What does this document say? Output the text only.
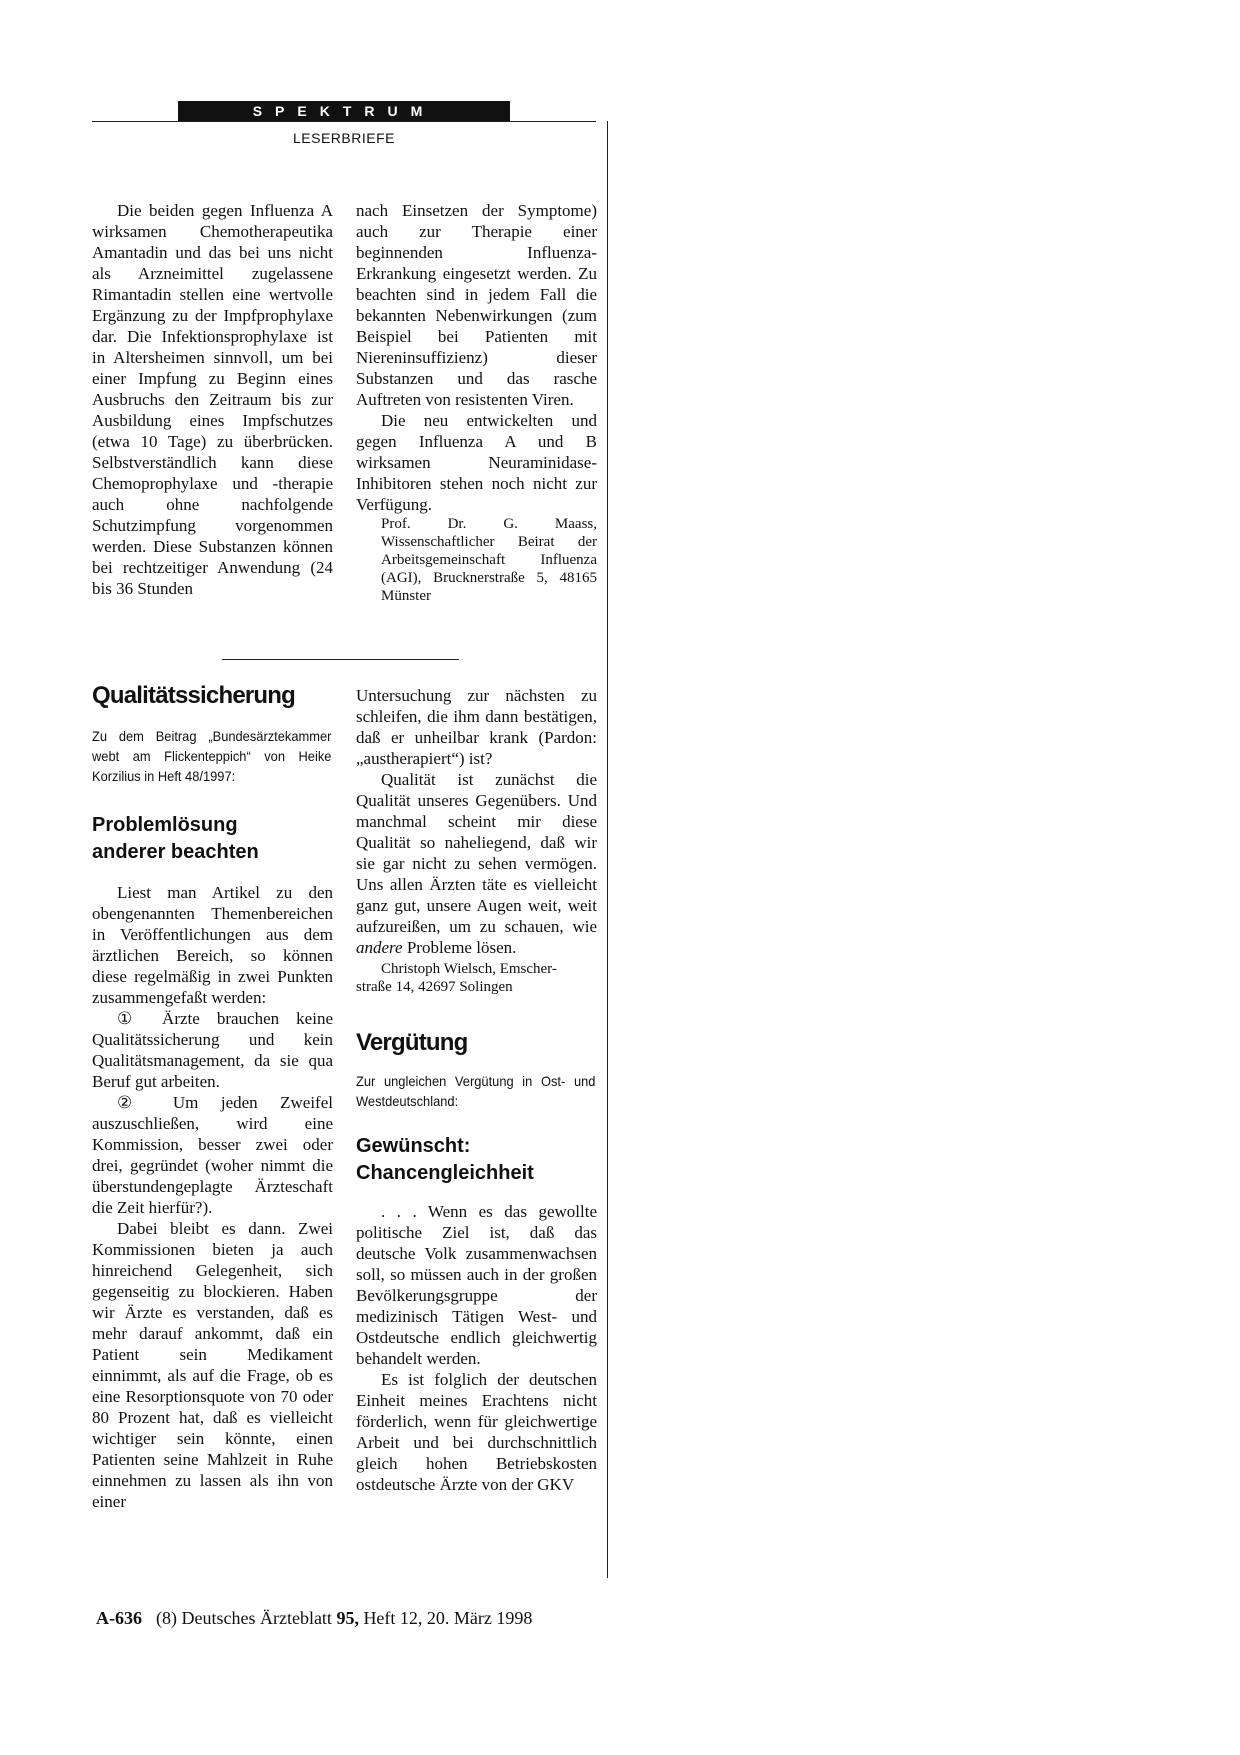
SPEKTRUM
LESERBRIEFE

Die beiden gegen Influenza A wirksamen Chemotherapeutika Amantadin und das bei uns nicht als Arzneimittel zugelassene Rimantadin stellen eine wertvolle Ergänzung zu der Impfprophylaxe dar. Die Infektionsprophylaxe ist in Altersheimen sinnvoll, um bei einer Impfung zu Beginn eines Ausbruchs den Zeitraum bis zur Ausbildung eines Impfschutzes (etwa 10 Tage) zu überbrücken. Selbstverständlich kann diese Chemoprophylaxe und -therapie auch ohne nachfolgende Schutzimpfung vorgenommen werden. Diese Substanzen können bei rechtzeitiger Anwendung (24 bis 36 Stunden

nach Einsetzen der Symptome) auch zur Therapie einer beginnenden Influenza-Erkrankung eingesetzt werden. Zu beachten sind in jedem Fall die bekannten Nebenwirkungen (zum Beispiel bei Patienten mit Niereninsuffizienz) dieser Substanzen und das rasche Auftreten von resistenten Viren.

Die neu entwickelten und gegen Influenza A und B wirksamen Neuraminidase-Inhibitoren stehen noch nicht zur Verfügung.

Prof. Dr. G. Maass, Wissenschaftlicher Beirat der Arbeitsgemeinschaft Influenza (AGI), Brucknerstraße 5, 48165 Münster

Qualitätssicherung

Zu dem Beitrag „Bundesärztekammer webt am Flickenteppich“ von Heike Korzilius in Heft 48/1997:

Problemlösung
anderer beachten

Liest man Artikel zu den obengenannten Themenbereichen in Veröffentlichungen aus dem ärztlichen Bereich, so können diese regelmäßig in zwei Punkten zusammengefaßt werden:

① Ärzte brauchen keine Qualitätssicherung und kein Qualitätsmanagement, da sie qua Beruf gut arbeiten.

② Um jeden Zweifel auszuschließen, wird eine Kommission, besser zwei oder drei, gegründet (woher nimmt die überstundengeplagte Ärzteschaft die Zeit hierfür?).

Dabei bleibt es dann. Zwei Kommissionen bieten ja auch hinreichend Gelegenheit, sich gegenseitig zu blockieren. Haben wir Ärzte es verstanden, daß es mehr darauf ankommt, daß ein Patient sein Medikament einnimmt, als auf die Frage, ob es eine Resorptionsquote von 70 oder 80 Prozent hat, daß es vielleicht wichtiger sein könnte, einen Patienten seine Mahlzeit in Ruhe einnehmen zu lassen als ihn von einer

Untersuchung zur nächsten zu schleifen, die ihm dann bestätigen, daß er unheilbar krank (Pardon: „austherapiert“) ist?

Qualität ist zunächst die Qualität unseres Gegenübers. Und manchmal scheint mir diese Qualität so naheliegend, daß wir sie gar nicht zu sehen vermögen. Uns allen Ärzten täte es vielleicht ganz gut, unsere Augen weit, weit aufzureißen, um zu schauen, wie andere Probleme lösen.

Christoph Wielsch, Emscher-
straße 14, 42697 Solingen
Vergütung

Zur ungleichen Vergütung in Ost- und Westdeutschland:

Gewünscht:
Chancengleichheit

. . . Wenn es das gewollte politische Ziel ist, daß das deutsche Volk zusammenwachsen soll, so müssen auch in der großen Bevölkerungsgruppe der medizinisch Tätigen West- und Ostdeutsche endlich gleichwertig behandelt werden.

Es ist folglich der deutschen Einheit meines Erachtens nicht förderlich, wenn für gleichwertige Arbeit und bei durchschnittlich gleich hohen Betriebskosten ostdeutsche Ärzte von der GKV

A-636 (8) Deutsches Ärzteblatt 95, Heft 12, 20. März 1998
